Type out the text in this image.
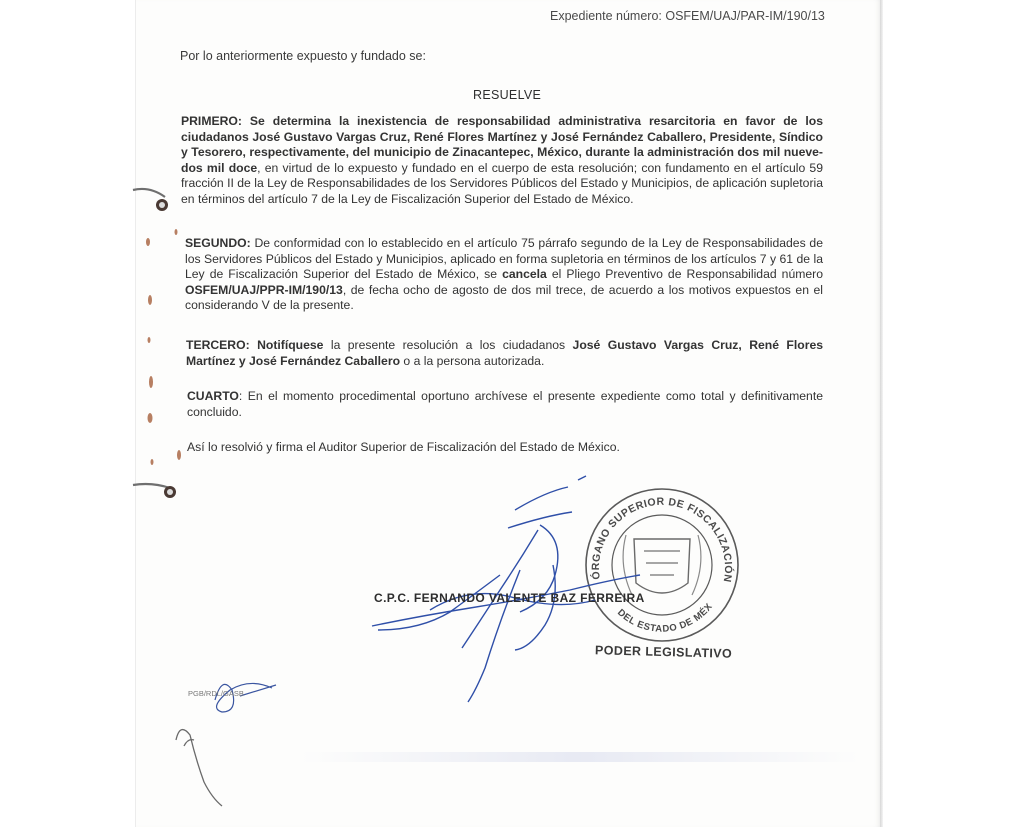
Expediente número: OSFEM/UAJ/PAR-IM/190/13
Por lo anteriormente expuesto y fundado se:
RESUELVE
PRIMERO: Se determina la inexistencia de responsabilidad administrativa resarcitoria en favor de los ciudadanos José Gustavo Vargas Cruz, René Flores Martínez y José Fernández Caballero, Presidente, Síndico y Tesorero, respectivamente, del municipio de Zinacantepec, México, durante la administración dos mil nueve-dos mil doce, en virtud de lo expuesto y fundado en el cuerpo de esta resolución; con fundamento en el artículo 59 fracción II de la Ley de Responsabilidades de los Servidores Públicos del Estado y Municipios, de aplicación supletoria en términos del artículo 7 de la Ley de Fiscalización Superior del Estado de México.
SEGUNDO: De conformidad con lo establecido en el artículo 75 párrafo segundo de la Ley de Responsabilidades de los Servidores Públicos del Estado y Municipios, aplicado en forma supletoria en términos de los artículos 7 y 61 de la Ley de Fiscalización Superior del Estado de México, se cancela el Pliego Preventivo de Responsabilidad número OSFEM/UAJ/PPR-IM/190/13, de fecha ocho de agosto de dos mil trece, de acuerdo a los motivos expuestos en el considerando V de la presente.
TERCERO: Notifíquese la presente resolución a los ciudadanos José Gustavo Vargas Cruz, René Flores Martínez y José Fernández Caballero o a la persona autorizada.
CUARTO: En el momento procedimental oportuno archívese el presente expediente como total y definitivamente concluido.
Así lo resolvió y firma el Auditor Superior de Fiscalización del Estado de México.
ÓRGANO SUPERIOR DE FISCALIZACIÓN
DEL ESTADO DE MÉX
C.P.C. FERNANDO VALENTE BAZ FERREIRA
PODER LEGISLATIVO
PGB/RDL/GASB
